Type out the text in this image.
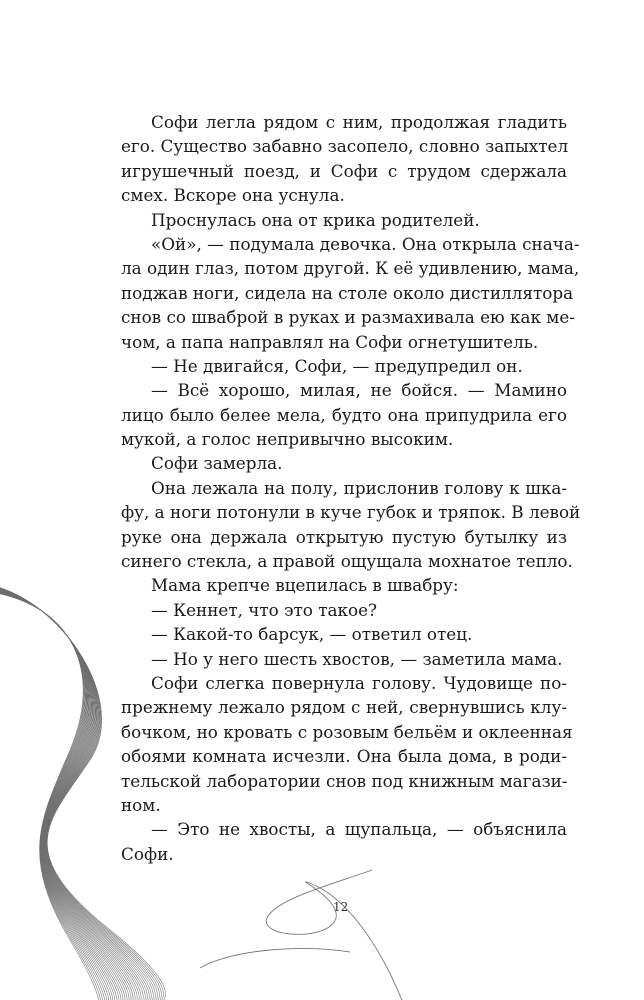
Софи легла рядом с ним, продолжая гладить
его. Существо забавно засопело, словно запыхтел
игрушечный поезд, и Софи с трудом сдержала
смех. Вскоре она уснула.
Проснулась она от крика родителей.
«Ой», — подумала девочка. Она открыла снача-
ла один глаз, потом другой. К её удивлению, мама,
поджав ноги, сидела на столе около дистиллятора
снов со шваброй в руках и размахивала ею как ме-
чом, а папа направлял на Софи огнетушитель.
— Не двигайся, Софи, — предупредил он.
— Всё хорошо, милая, не бойся. — Мамино
лицо было белее мела, будто она припудрила его
мукой, а голос непривычно высоким.
Софи замерла.
Она лежала на полу, прислонив голову к шка-
фу, а ноги потонули в куче губок и тряпок. В левой
руке она держала открытую пустую бутылку из
синего стекла, а правой ощущала мохнатое тепло.
Мама крепче вцепилась в швабру:
— Кеннет, что это такое?
— Какой-то барсук, — ответил отец.
— Но у него шесть хвостов, — заметила мама.
Софи слегка повернула голову. Чудовище по-
прежнему лежало рядом с ней, свернувшись клу-
бочком, но кровать с розовым бельём и оклеенная
обоями комната исчезли. Она была дома, в роди-
тельской лаборатории снов под книжным магази-
ном.
— Это не хвосты, а щупальца, — объяснила
Софи.
12
